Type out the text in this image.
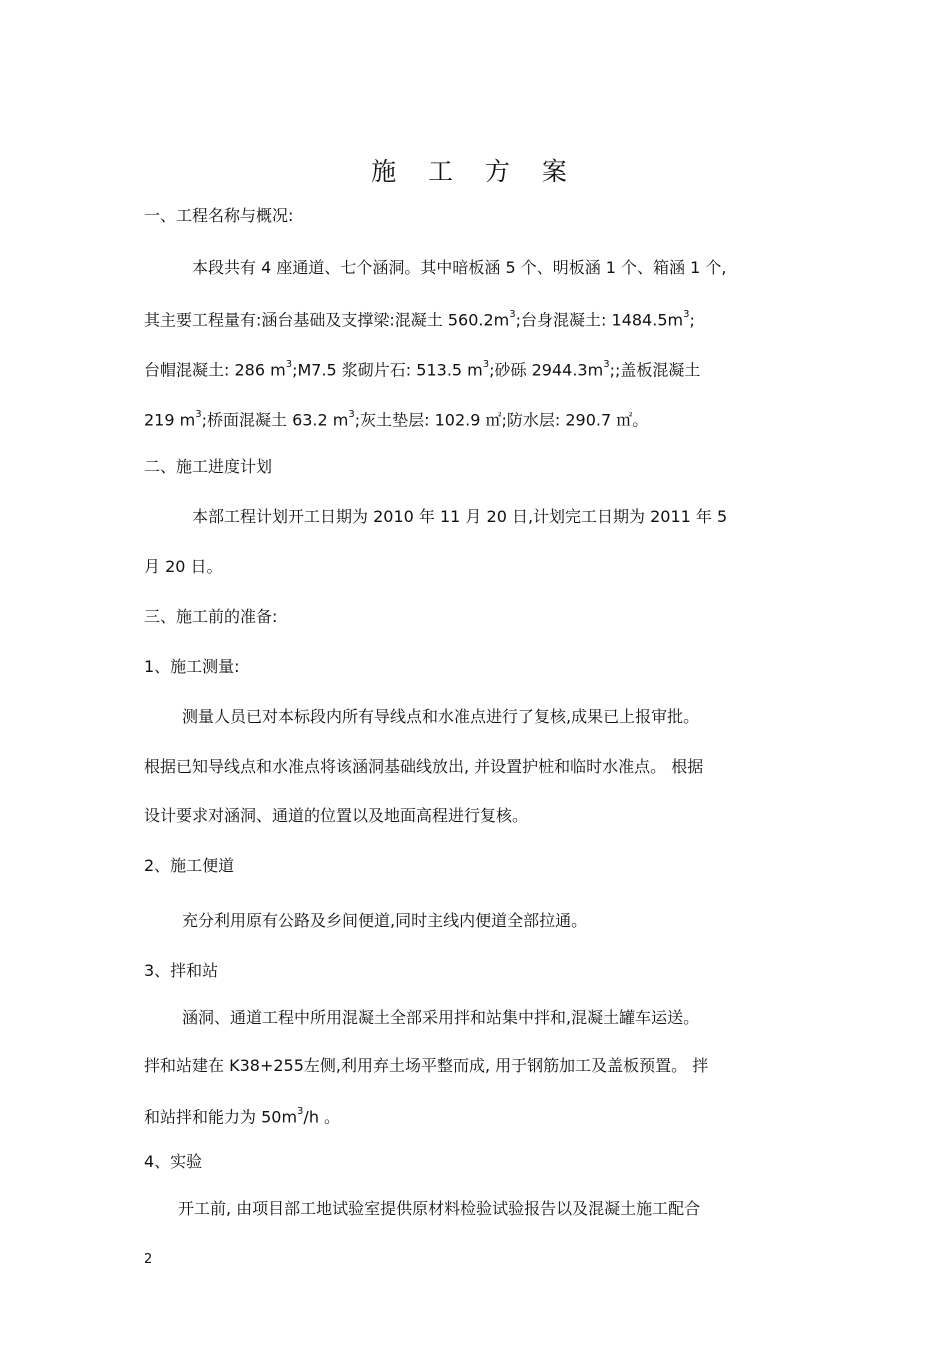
施 工 方 案
一、工程名称与概况:
本段共有 4 座通道、七个涵洞。其中暗板涵 5 个、明板涵 1 个、箱涵 1 个,
其主要工程量有:涵台基础及支撑梁:混凝土 $560.2m^3$;台身混凝土: $1484.5m^3$;
台帽混凝土: 286 $m^3;M7.5$ 浆砌片石: 513.5 $m^3$;砂砾 $2944.3m^3$;;盖板混凝土
219 $m^3$;桥面混凝土 63.2 $m^3$;灰土垫层: 102.9 ㎡;防水层: 290.7 ㎡。
二、施工进度计划
本部工程计划开工日期为 2010 年 11 月 20 日,计划完工日期为 2011 年 5
月 20 日。
三、施工前的准备:
1、施工测量:
测量人员已对本标段内所有导线点和水准点进行了复核,成果已上报审批。
根据已知导线点和水准点将该涵洞基础线放出, 并设置护桩和临时水准点。 根据
设计要求对涵洞、通道的位置以及地面高程进行复核。
2、施工便道
充分利用原有公路及乡间便道,同时主线内便道全部拉通。
3、拌和站
涵洞、通道工程中所用混凝土全部采用拌和站集中拌和,混凝土罐车运送。
拌和站建在 K38+255左侧,利用弃土场平整而成, 用于钢筋加工及盖板预置。 拌
和站拌和能力为 $50m^3/h$ 。
4、实验
开工前, 由项目部工地试验室提供原材料检验试验报告以及混凝土施工配合
2
